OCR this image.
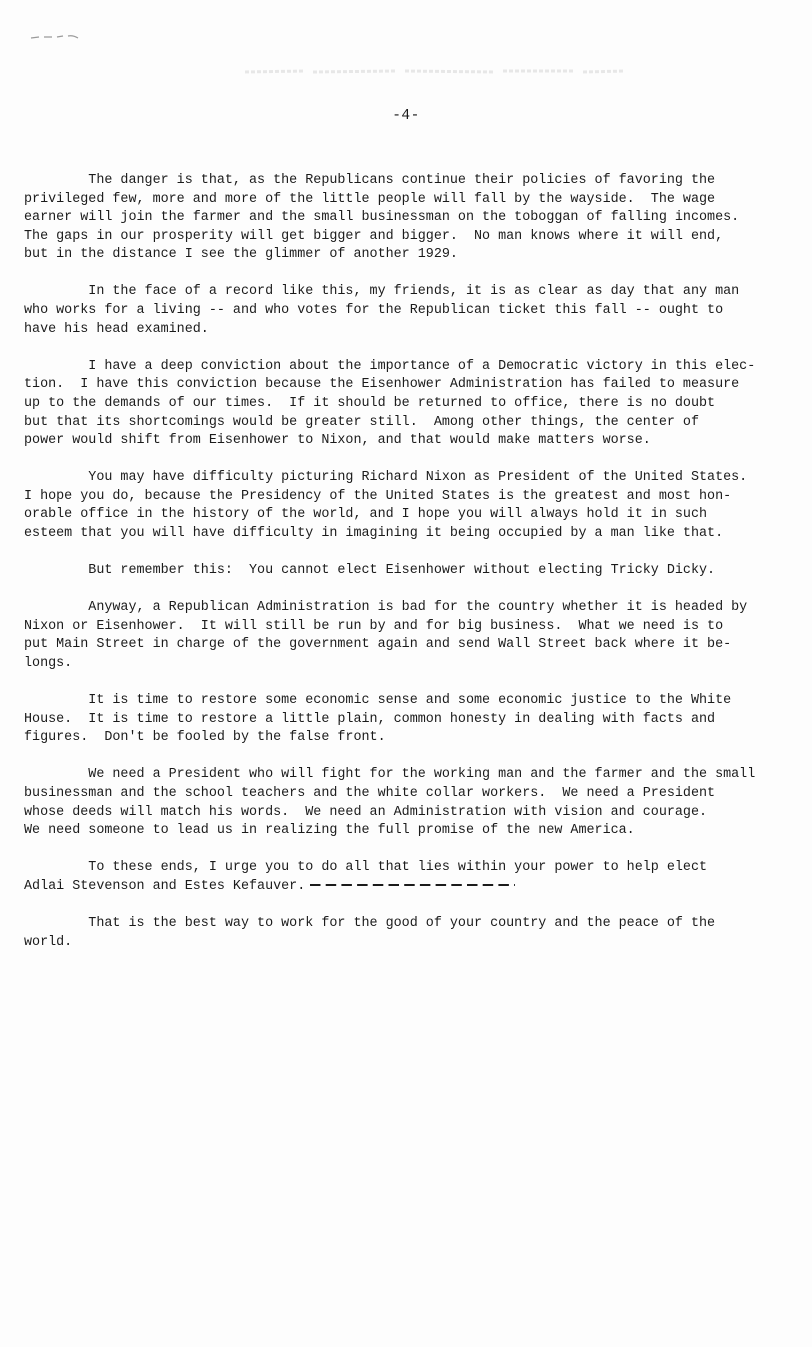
-4-

The danger is that, as the Republicans continue their policies of favoring the
privileged few, more and more of the little people will fall by the wayside.  The wage
earner will join the farmer and the small businessman on the toboggan of falling incomes.
The gaps in our prosperity will get bigger and bigger.  No man knows where it will end,
but in the distance I see the glimmer of another 1929.

In the face of a record like this, my friends, it is as clear as day that any man
who works for a living -- and who votes for the Republican ticket this fall -- ought to
have his head examined.

I have a deep conviction about the importance of a Democratic victory in this elec-
tion.  I have this conviction because the Eisenhower Administration has failed to measure
up to the demands of our times.  If it should be returned to office, there is no doubt
but that its shortcomings would be greater still.  Among other things, the center of
power would shift from Eisenhower to Nixon, and that would make matters worse.

You may have difficulty picturing Richard Nixon as President of the United States.
I hope you do, because the Presidency of the United States is the greatest and most hon-
orable office in the history of the world, and I hope you will always hold it in such
esteem that you will have difficulty in imagining it being occupied by a man like that.

But remember this:  You cannot elect Eisenhower without electing Tricky Dicky.

Anyway, a Republican Administration is bad for the country whether it is headed by
Nixon or Eisenhower.  It will still be run by and for big business.  What we need is to
put Main Street in charge of the government again and send Wall Street back where it be-
longs.

It is time to restore some economic sense and some economic justice to the White
House.  It is time to restore a little plain, common honesty in dealing with facts and
figures.  Don't be fooled by the false front.

We need a President who will fight for the working man and the farmer and the small
businessman and the school teachers and the white collar workers.  We need a President
whose deeds will match his words.  We need an Administration with vision and courage.
We need someone to lead us in realizing the full promise of the new America.

To these ends, I urge you to do all that lies within your power to help elect
Adlai Stevenson and Estes Kefauver.

That is the best way to work for the good of your country and the peace of the
world.
